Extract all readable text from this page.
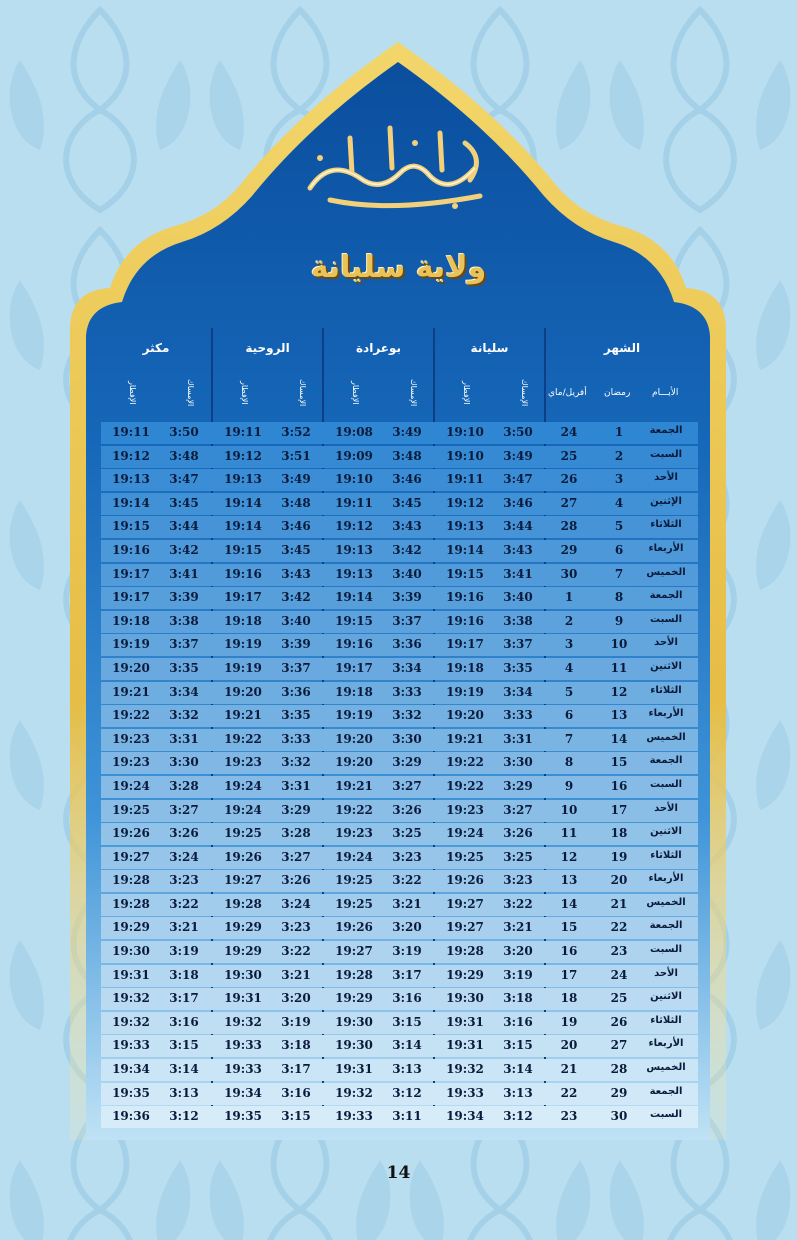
ولاية سليانة
الشهر
الأيـــام
رمضان
أفريل/ماي
سليانة
الإمساك
الإفطار
بوعرادة
الإمساك
الإفطار
الروحية
الإمساك
الإفطار
مكثر
الإمساك
الإفطار
الجمعة
1
24
3:50
19:10
3:49
19:08
3:52
19:11
3:50
19:11
السبت
2
25
3:49
19:10
3:48
19:09
3:51
19:12
3:48
19:12
الأحد
3
26
3:47
19:11
3:46
19:10
3:49
19:13
3:47
19:13
الإثنين
4
27
3:46
19:12
3:45
19:11
3:48
19:14
3:45
19:14
الثلاثاء
5
28
3:44
19:13
3:43
19:12
3:46
19:14
3:44
19:15
الأربعاء
6
29
3:43
19:14
3:42
19:13
3:45
19:15
3:42
19:16
الخميس
7
30
3:41
19:15
3:40
19:13
3:43
19:16
3:41
19:17
الجمعة
8
1
3:40
19:16
3:39
19:14
3:42
19:17
3:39
19:17
السبت
9
2
3:38
19:16
3:37
19:15
3:40
19:18
3:38
19:18
الأحد
10
3
3:37
19:17
3:36
19:16
3:39
19:19
3:37
19:19
الاثنين
11
4
3:35
19:18
3:34
19:17
3:37
19:19
3:35
19:20
الثلاثاء
12
5
3:34
19:19
3:33
19:18
3:36
19:20
3:34
19:21
الأربعاء
13
6
3:33
19:20
3:32
19:19
3:35
19:21
3:32
19:22
الخميس
14
7
3:31
19:21
3:30
19:20
3:33
19:22
3:31
19:23
الجمعة
15
8
3:30
19:22
3:29
19:20
3:32
19:23
3:30
19:23
السبت
16
9
3:29
19:22
3:27
19:21
3:31
19:24
3:28
19:24
الأحد
17
10
3:27
19:23
3:26
19:22
3:29
19:24
3:27
19:25
الاثنين
18
11
3:26
19:24
3:25
19:23
3:28
19:25
3:26
19:26
الثلاثاء
19
12
3:25
19:25
3:23
19:24
3:27
19:26
3:24
19:27
الأربعاء
20
13
3:23
19:26
3:22
19:25
3:26
19:27
3:23
19:28
الخميس
21
14
3:22
19:27
3:21
19:25
3:24
19:28
3:22
19:28
الجمعة
22
15
3:21
19:27
3:20
19:26
3:23
19:29
3:21
19:29
السبت
23
16
3:20
19:28
3:19
19:27
3:22
19:29
3:19
19:30
الأحد
24
17
3:19
19:29
3:17
19:28
3:21
19:30
3:18
19:31
الاثنين
25
18
3:18
19:30
3:16
19:29
3:20
19:31
3:17
19:32
الثلاثاء
26
19
3:16
19:31
3:15
19:30
3:19
19:32
3:16
19:32
الأربعاء
27
20
3:15
19:31
3:14
19:30
3:18
19:33
3:15
19:33
الخميس
28
21
3:14
19:32
3:13
19:31
3:17
19:33
3:14
19:34
الجمعة
29
22
3:13
19:33
3:12
19:32
3:16
19:34
3:13
19:35
السبت
30
23
3:12
19:34
3:11
19:33
3:15
19:35
3:12
19:36
14
